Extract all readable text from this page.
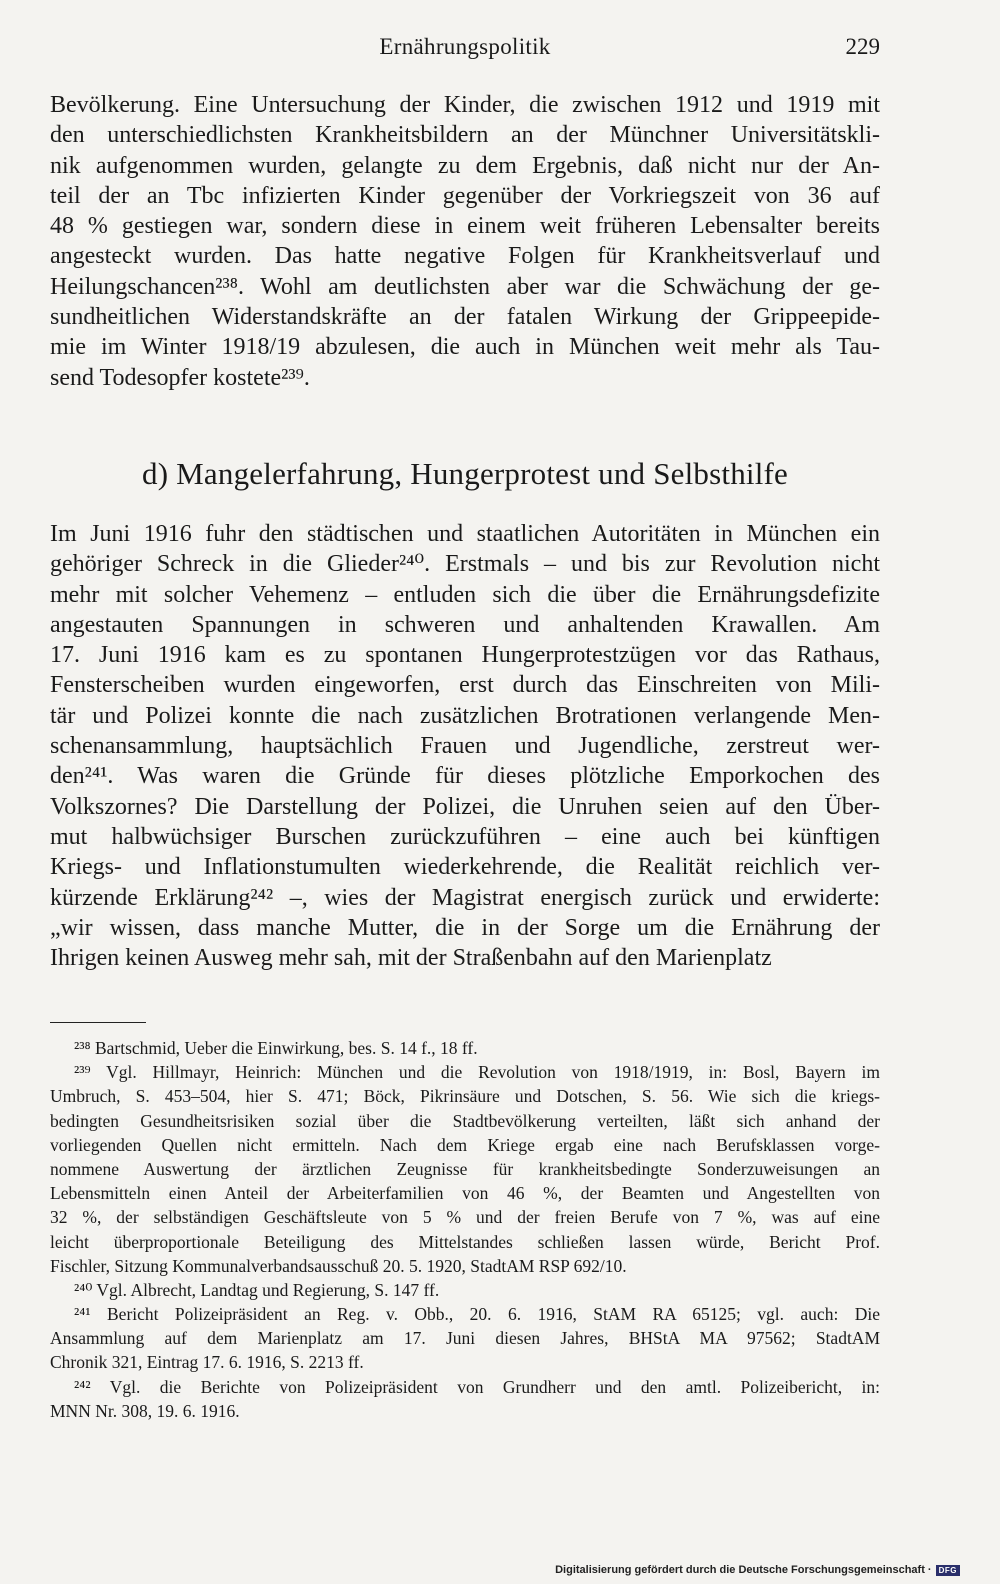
Ernährungspolitik	229
Bevölkerung. Eine Untersuchung der Kinder, die zwischen 1912 und 1919 mit
den unterschiedlichsten Krankheitsbildern an der Münchner Universitätskli-
nik aufgenommen wurden, gelangte zu dem Ergebnis, daß nicht nur der An-
teil der an Tbc infizierten Kinder gegenüber der Vorkriegszeit von 36 auf
48 % gestiegen war, sondern diese in einem weit früheren Lebensalter bereits
angesteckt wurden. Das hatte negative Folgen für Krankheitsverlauf und
Heilungschancen²³⁸. Wohl am deutlichsten aber war die Schwächung der ge-
sundheitlichen Widerstandskräfte an der fatalen Wirkung der Grippeepide-
mie im Winter 1918/19 abzulesen, die auch in München weit mehr als Tau-
send Todesopfer kostete²³⁹.
d) Mangelerfahrung, Hungerprotest und Selbsthilfe
Im Juni 1916 fuhr den städtischen und staatlichen Autoritäten in München ein
gehöriger Schreck in die Glieder²⁴⁰. Erstmals – und bis zur Revolution nicht
mehr mit solcher Vehemenz – entluden sich die über die Ernährungsdefizite
angestauten Spannungen in schweren und anhaltenden Krawallen. Am
17. Juni 1916 kam es zu spontanen Hungerprotestzügen vor das Rathaus,
Fensterscheiben wurden eingeworfen, erst durch das Einschreiten von Mili-
tär und Polizei konnte die nach zusätzlichen Brotrationen verlangende Men-
schenansammlung, hauptsächlich Frauen und Jugendliche, zerstreut wer-
den²⁴¹. Was waren die Gründe für dieses plötzliche Emporkochen des
Volkszornes? Die Darstellung der Polizei, die Unruhen seien auf den Über-
mut halbwüchsiger Burschen zurückzuführen – eine auch bei künftigen
Kriegs- und Inflationstumulten wiederkehrende, die Realität reichlich ver-
kürzende Erklärung²⁴² –, wies der Magistrat energisch zurück und erwiderte:
„wir wissen, dass manche Mutter, die in der Sorge um die Ernährung der
Ihrigen keinen Ausweg mehr sah, mit der Straßenbahn auf den Marienplatz
²³⁸ Bartschmid, Ueber die Einwirkung, bes. S. 14 f., 18 ff.
²³⁹ Vgl. Hillmayr, Heinrich: München und die Revolution von 1918/1919, in: Bosl, Bayern im
Umbruch, S. 453–504, hier S. 471; Böck, Pikrinsäure und Dotschen, S. 56. Wie sich die kriegs-
bedingten Gesundheitsrisiken sozial über die Stadtbevölkerung verteilten, läßt sich anhand der
vorliegenden Quellen nicht ermitteln. Nach dem Kriege ergab eine nach Berufsklassen vorge-
nommene Auswertung der ärztlichen Zeugnisse für krankheitsbedingte Sonderzuweisungen an
Lebensmitteln einen Anteil der Arbeiterfamilien von 46 %, der Beamten und Angestellten von
32 %, der selbständigen Geschäftsleute von 5 % und der freien Berufe von 7 %, was auf eine
leicht überproportionale Beteiligung des Mittelstandes schließen lassen würde, Bericht Prof.
Fischler, Sitzung Kommunalverbandsausschuß 20. 5. 1920, StadtAM RSP 692/10.
²⁴⁰ Vgl. Albrecht, Landtag und Regierung, S. 147 ff.
²⁴¹ Bericht Polizeipräsident an Reg. v. Obb., 20. 6. 1916, StAM RA 65125; vgl. auch: Die
Ansammlung auf dem Marienplatz am 17. Juni diesen Jahres, BHStA MA 97562; StadtAM
Chronik 321, Eintrag 17. 6. 1916, S. 2213 ff.
²⁴² Vgl. die Berichte von Polizeipräsident von Grundherr und den amtl. Polizeibericht, in:
MNN Nr. 308, 19. 6. 1916.
Digitalisierung gefördert durch die Deutsche Forschungsgemeinschaft · DFG
